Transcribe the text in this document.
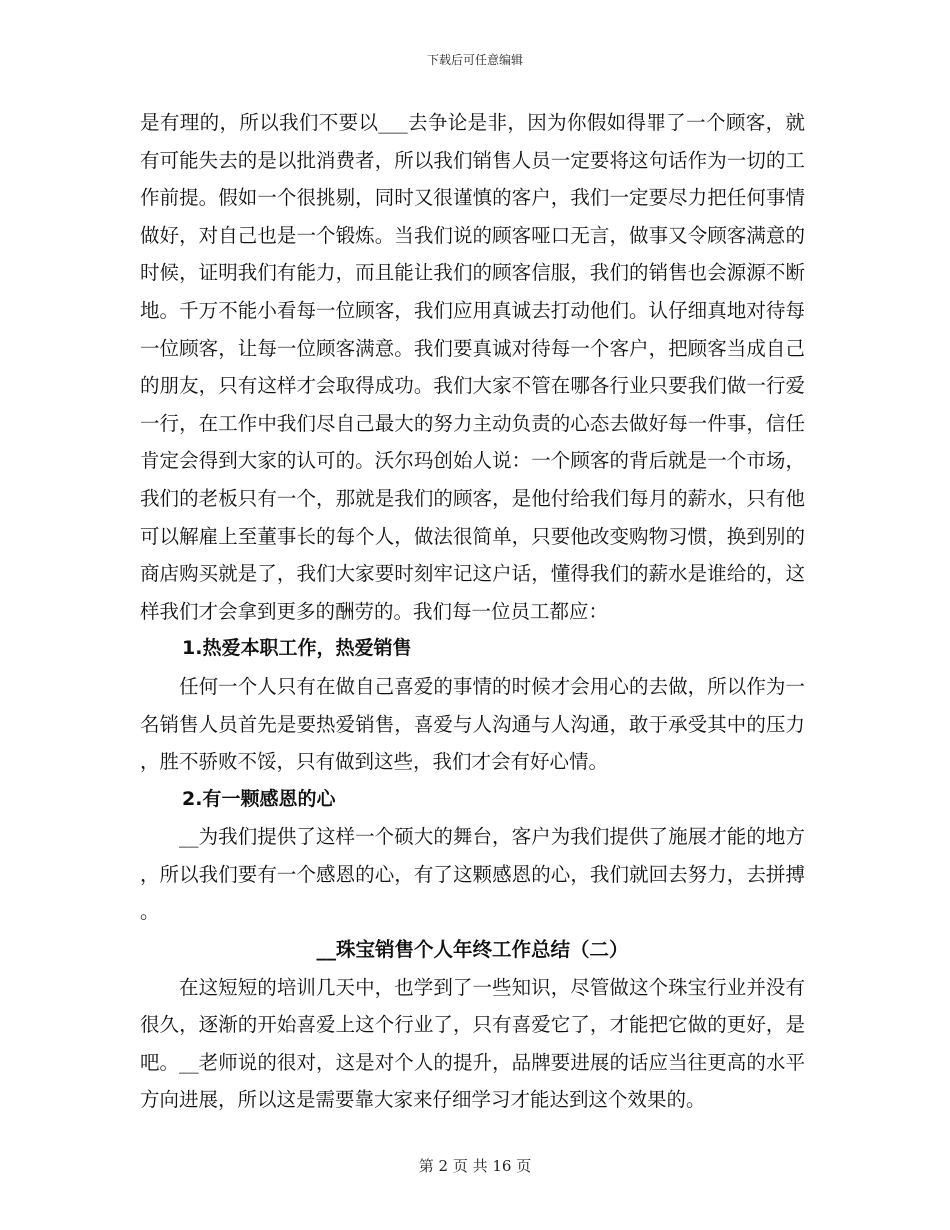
下载后可任意编辑

是有理的，所以我们不要以___去争论是非，因为你假如得罪了一个顾客，就有可能失去的是以批消费者，所以我们销售人员一定要将这句话作为一切的工作前提。假如一个很挑剔，同时又很谨慎的客户，我们一定要尽力把任何事情做好，对自己也是一个锻炼。当我们说的顾客哑口无言，做事又令顾客满意的时候，证明我们有能力，而且能让我们的顾客信服，我们的销售也会源源不断地。千万不能小看每一位顾客，我们应用真诚去打动他们。认仔细真地对待每一位顾客，让每一位顾客满意。我们要真诚对待每一个客户，把顾客当成自己的朋友，只有这样才会取得成功。我们大家不管在哪各行业只要我们做一行爱一行，在工作中我们尽自己最大的努力主动负责的心态去做好每一件事，信任肯定会得到大家的认可的。沃尔玛创始人说：一个顾客的背后就是一个市场，我们的老板只有一个，那就是我们的顾客，是他付给我们每月的薪水，只有他可以解雇上至董事长的每个人，做法很简单，只要他改变购物习惯，换到别的商店购买就是了，我们大家要时刻牢记这户话，懂得我们的薪水是谁给的，这样我们才会拿到更多的酬劳的。我们每一位员工都应：

1.热爱本职工作，热爱销售

任何一个人只有在做自己喜爱的事情的时候才会用心的去做，所以作为一名销售人员首先是要热爱销售，喜爱与人沟通与人沟通，敢于承受其中的压力，胜不骄败不馁，只有做到这些，我们才会有好心情。

2.有一颗感恩的心

__为我们提供了这样一个硕大的舞台，客户为我们提供了施展才能的地方，所以我们要有一个感恩的心，有了这颗感恩的心，我们就回去努力，去拼搏。

__珠宝销售个人年终工作总结（二）

在这短短的培训几天中，也学到了一些知识，尽管做这个珠宝行业并没有很久，逐渐的开始喜爱上这个行业了，只有喜爱它了，才能把它做的更好，是吧。__老师说的很对，这是对个人的提升，品牌要进展的话应当往更高的水平方向进展，所以这是需要靠大家来仔细学习才能达到这个效果的。

第 2 页 共 16 页
